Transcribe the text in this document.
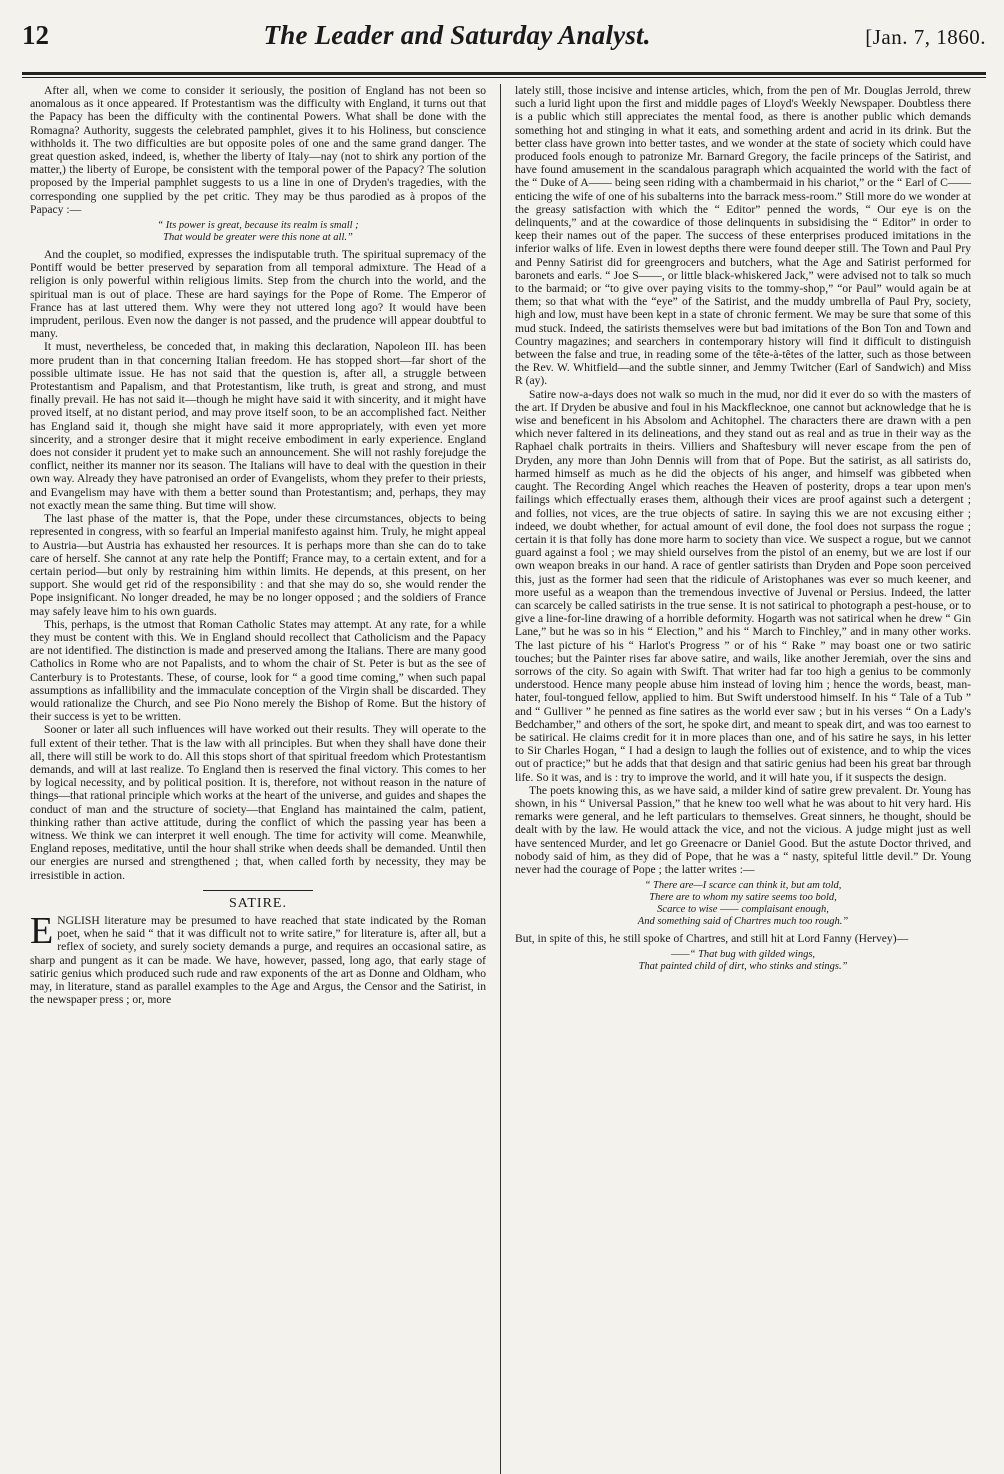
12	The Leader and Saturday Analyst.	[Jan. 7, 1860.

After all, when we come to consider it seriously, the position of England has not been so anomalous as it once appeared. If Protestantism was the difficulty with England, it turns out that the Papacy has been the difficulty with the continental Powers. What shall be done with the Romagna? Authority, suggests the celebrated pamphlet, gives it to his Holiness, but conscience withholds it. The two difficulties are but opposite poles of one and the same grand danger. The great question asked, indeed, is, whether the liberty of Italy—nay (not to shirk any portion of the matter,) the liberty of Europe, be consistent with the temporal power of the Papacy? The solution proposed by the Imperial pamphlet suggests to us a line in one of Dryden's tragedies, with the corresponding one supplied by the pet critic. They may be thus parodied as à propos of the Papacy :—

“ Its power is great, because its realm is small ;
That would be greater were this none at all.”

And the couplet, so modified, expresses the indisputable truth. The spiritual supremacy of the Pontiff would be better preserved by separation from all temporal admixture. The Head of a religion is only powerful within religious limits. Step from the church into the world, and the spiritual man is out of place. These are hard sayings for the Pope of Rome. The Emperor of France has at last uttered them. Why were they not uttered long ago? It would have been imprudent, perilous. Even now the danger is not passed, and the prudence will appear doubtful to many.

It must, nevertheless, be conceded that, in making this declaration, Napoleon III. has been more prudent than in that concerning Italian freedom. He has stopped short—far short of the possible ultimate issue. He has not said that the question is, after all, a struggle between Protestantism and Papalism, and that Protestantism, like truth, is great and strong, and must finally prevail. He has not said it—though he might have said it with sincerity, and it might have proved itself, at no distant period, and may prove itself soon, to be an accomplished fact. Neither has England said it, though she might have said it more appropriately, with even yet more sincerity, and a stronger desire that it might receive embodiment in early experience. England does not consider it prudent yet to make such an announcement. She will not rashly forejudge the conflict, neither its manner nor its season. The Italians will have to deal with the question in their own way. Already they have patronised an order of Evangelists, whom they prefer to their priests, and Evangelism may have with them a better sound than Protestantism; and, perhaps, they may not exactly mean the same thing. But time will show.

The last phase of the matter is, that the Pope, under these circumstances, objects to being represented in congress, with so fearful an Imperial manifesto against him. Truly, he might appeal to Austria—but Austria has exhausted her resources. It is perhaps more than she can do to take care of herself. She cannot at any rate help the Pontiff; France may, to a certain extent, and for a certain period—but only by restraining him within limits. He depends, at this present, on her support. She would get rid of the responsibility : and that she may do so, she would render the Pope insignificant. No longer dreaded, he may be no longer opposed ; and the soldiers of France may safely leave him to his own guards.

This, perhaps, is the utmost that Roman Catholic States may attempt. At any rate, for a while they must be content with this. We in England should recollect that Catholicism and the Papacy are not identified. The distinction is made and preserved among the Italians. There are many good Catholics in Rome who are not Papalists, and to whom the chair of St. Peter is but as the see of Canterbury is to Protestants. These, of course, look for “ a good time coming,” when such papal assumptions as infallibility and the immaculate conception of the Virgin shall be discarded. They would rationalize the Church, and see Pio Nono merely the Bishop of Rome. But the history of their success is yet to be written.

Sooner or later all such influences will have worked out their results. They will operate to the full extent of their tether. That is the law with all principles. But when they shall have done their all, there will still be work to do. All this stops short of that spiritual freedom which Protestantism demands, and will at last realize. To England then is reserved the final victory. This comes to her by logical necessity, and by political position. It is, therefore, not without reason in the nature of things—that rational principle which works at the heart of the universe, and guides and shapes the conduct of man and the structure of society—that England has maintained the calm, patient, thinking rather than active attitude, during the conflict of which the passing year has been a witness. We think we can interpret it well enough. The time for activity will come. Meanwhile, England reposes, meditative, until the hour shall strike when deeds shall be demanded. Until then our energies are nursed and strengthened ; that, when called forth by necessity, they may be irresistible in action.

SATIRE.

ENGLISH literature may be presumed to have reached that state indicated by the Roman poet, when he said “ that it was difficult not to write satire,” for literature is, after all, but a reflex of society, and surely society demands a purge, and requires an occasional satire, as sharp and pungent as it can be made. We have, however, passed, long ago, that early stage of satiric genius which produced such rude and raw exponents of the art as Donne and Oldham, who may, in literature, stand as parallel examples to the Age and Argus, the Censor and the Satirist, in the newspaper press ; or, more

lately still, those incisive and intense articles, which, from the pen of Mr. Douglas Jerrold, threw such a lurid light upon the first and middle pages of Lloyd's Weekly Newspaper. Doubtless there is a public which still appreciates the mental food, as there is another public which demands something hot and stinging in what it eats, and something ardent and acrid in its drink. But the better class have grown into better tastes, and we wonder at the state of society which could have produced fools enough to patronize Mr. Barnard Gregory, the facile princeps of the Satirist, and have found amusement in the scandalous paragraph which acquainted the world with the fact of the “ Duke of A—— being seen riding with a chambermaid in his chariot,” or the “ Earl of C—— enticing the wife of one of his subalterns into the barrack mess-room.” Still more do we wonder at the greasy satisfaction with which the “ Editor” penned the words, “ Our eye is on the delinquents,” and at the cowardice of those delinquents in subsidising the “ Editor” in order to keep their names out of the paper. The success of these enterprises produced imitations in the inferior walks of life. Even in lowest depths there were found deeper still. The Town and Paul Pry and Penny Satirist did for greengrocers and butchers, what the Age and Satirist performed for baronets and earls. “ Joe S——, or little black-whiskered Jack,” were advised not to talk so much to the barmaid; or “to give over paying visits to the tommy-shop,” “or Paul” would again be at them; so that what with the “eye” of the Satirist, and the muddy umbrella of Paul Pry, society, high and low, must have been kept in a state of chronic ferment. We may be sure that some of this mud stuck. Indeed, the satirists themselves were but bad imitations of the Bon Ton and Town and Country magazines; and searchers in contemporary history will find it difficult to distinguish between the false and true, in reading some of the tête-à-têtes of the latter, such as those between the Rev. W. Whitfield—and the subtle sinner, and Jemmy Twitcher (Earl of Sandwich) and Miss R (ay).

Satire now-a-days does not walk so much in the mud, nor did it ever do so with the masters of the art. If Dryden be abusive and foul in his Mackflecknoe, one cannot but acknowledge that he is wise and beneficent in his Absolom and Achitophel. The characters there are drawn with a pen which never faltered in its delineations, and they stand out as real and as true in their way as the Raphael chalk portraits in theirs. Villiers and Shaftesbury will never escape from the pen of Dryden, any more than John Dennis will from that of Pope. But the satirist, as all satirists do, harmed himself as much as he did the objects of his anger, and himself was gibbeted when caught. The Recording Angel which reaches the Heaven of posterity, drops a tear upon men's failings which effectually erases them, although their vices are proof against such a detergent ; and follies, not vices, are the true objects of satire. In saying this we are not excusing either ; indeed, we doubt whether, for actual amount of evil done, the fool does not surpass the rogue ; certain it is that folly has done more harm to society than vice. We suspect a rogue, but we cannot guard against a fool ; we may shield ourselves from the pistol of an enemy, but we are lost if our own weapon breaks in our hand. A race of gentler satirists than Dryden and Pope soon perceived this, just as the former had seen that the ridicule of Aristophanes was ever so much keener, and more useful as a weapon than the tremendous invective of Juvenal or Persius. Indeed, the latter can scarcely be called satirists in the true sense. It is not satirical to photograph a pest-house, or to give a line-for-line drawing of a horrible deformity. Hogarth was not satirical when he drew “ Gin Lane,” but he was so in his “ Election,” and his “ March to Finchley,” and in many other works. The last picture of his “ Harlot's Progress ” or of his “ Rake ” may boast one or two satiric touches; but the Painter rises far above satire, and wails, like another Jeremiah, over the sins and sorrows of the city. So again with Swift. That writer had far too high a genius to be commonly understood. Hence many people abuse him instead of loving him ; hence the words, beast, man-hater, foul-tongued fellow, applied to him. But Swift understood himself. In his “ Tale of a Tub ” and “ Gulliver ” he penned as fine satires as the world ever saw ; but in his verses “ On a Lady's Bedchamber,” and others of the sort, he spoke dirt, and meant to speak dirt, and was too earnest to be satirical. He claims credit for it in more places than one, and of his satire he says, in his letter to Sir Charles Hogan, “ I had a design to laugh the follies out of existence, and to whip the vices out of practice;” but he adds that that design and that satiric genius had been his great bar through life. So it was, and is : try to improve the world, and it will hate you, if it suspects the design.

The poets knowing this, as we have said, a milder kind of satire grew prevalent. Dr. Young has shown, in his “ Universal Passion,” that he knew too well what he was about to hit very hard. His remarks were general, and he left particulars to themselves. Great sinners, he thought, should be dealt with by the law. He would attack the vice, and not the vicious. A judge might just as well have sentenced Murder, and let go Greenacre or Daniel Good. But the astute Doctor thrived, and nobody said of him, as they did of Pope, that he was a “ nasty, spiteful little devil.” Dr. Young never had the courage of Pope ; the latter writes :—

“ There are—I scarce can think it, but am told,
There are to whom my satire seems too bold,
Scarce to wise —— complaisant enough,
And something said of Chartres much too rough.”

But, in spite of this, he still spoke of Chartres, and still hit at Lord Fanny (Hervey)—

——“ That bug with gilded wings,
That painted child of dirt, who stinks and stings.”
